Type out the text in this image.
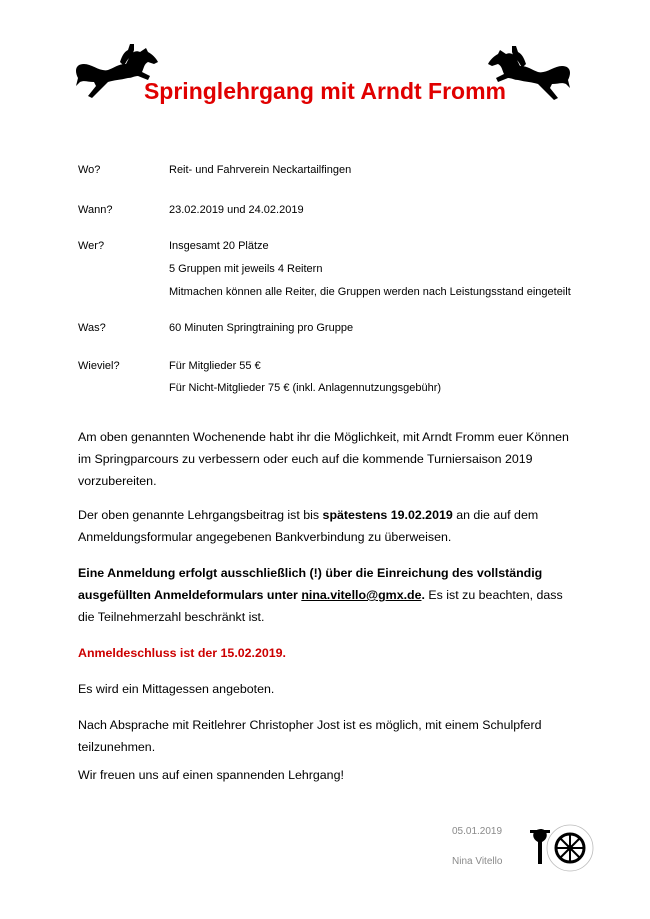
Springlehrgang mit Arndt Fromm
Wo?	Reit- und Fahrverein Neckartailfingen
Wann?	23.02.2019 und 24.02.2019
Wer?	Insgesamt 20 Plätze
5 Gruppen mit jeweils 4 Reitern
Mitmachen können alle Reiter, die Gruppen werden nach Leistungsstand eingeteilt
Was?	60 Minuten Springtraining pro Gruppe
Wieviel?	Für Mitglieder 55 €
Für Nicht-Mitglieder 75 € (inkl. Anlagennutzungsgebühr)

Am oben genannten Wochenende habt ihr die Möglichkeit, mit Arndt Fromm euer Können im Springparcours zu verbessern oder euch auf die kommende Turniersaison 2019 vorzubereiten.

Der oben genannte Lehrgangsbeitrag ist bis spätestens 19.02.2019 an die auf dem Anmeldungsformular angegebenen Bankverbindung zu überweisen.

Eine Anmeldung erfolgt ausschließlich (!) über die Einreichung des vollständig ausgefüllten Anmeldeformulars unter nina.vitello@gmx.de. Es ist zu beachten, dass die Teilnehmerzahl beschränkt ist.

Anmeldeschluss ist der 15.02.2019.

Es wird ein Mittagessen angeboten.

Nach Absprache mit Reitlehrer Christopher Jost ist es möglich, mit einem Schulpferd teilzunehmen.

Wir freuen uns auf einen spannenden Lehrgang!

05.01.2019
Nina Vitello
